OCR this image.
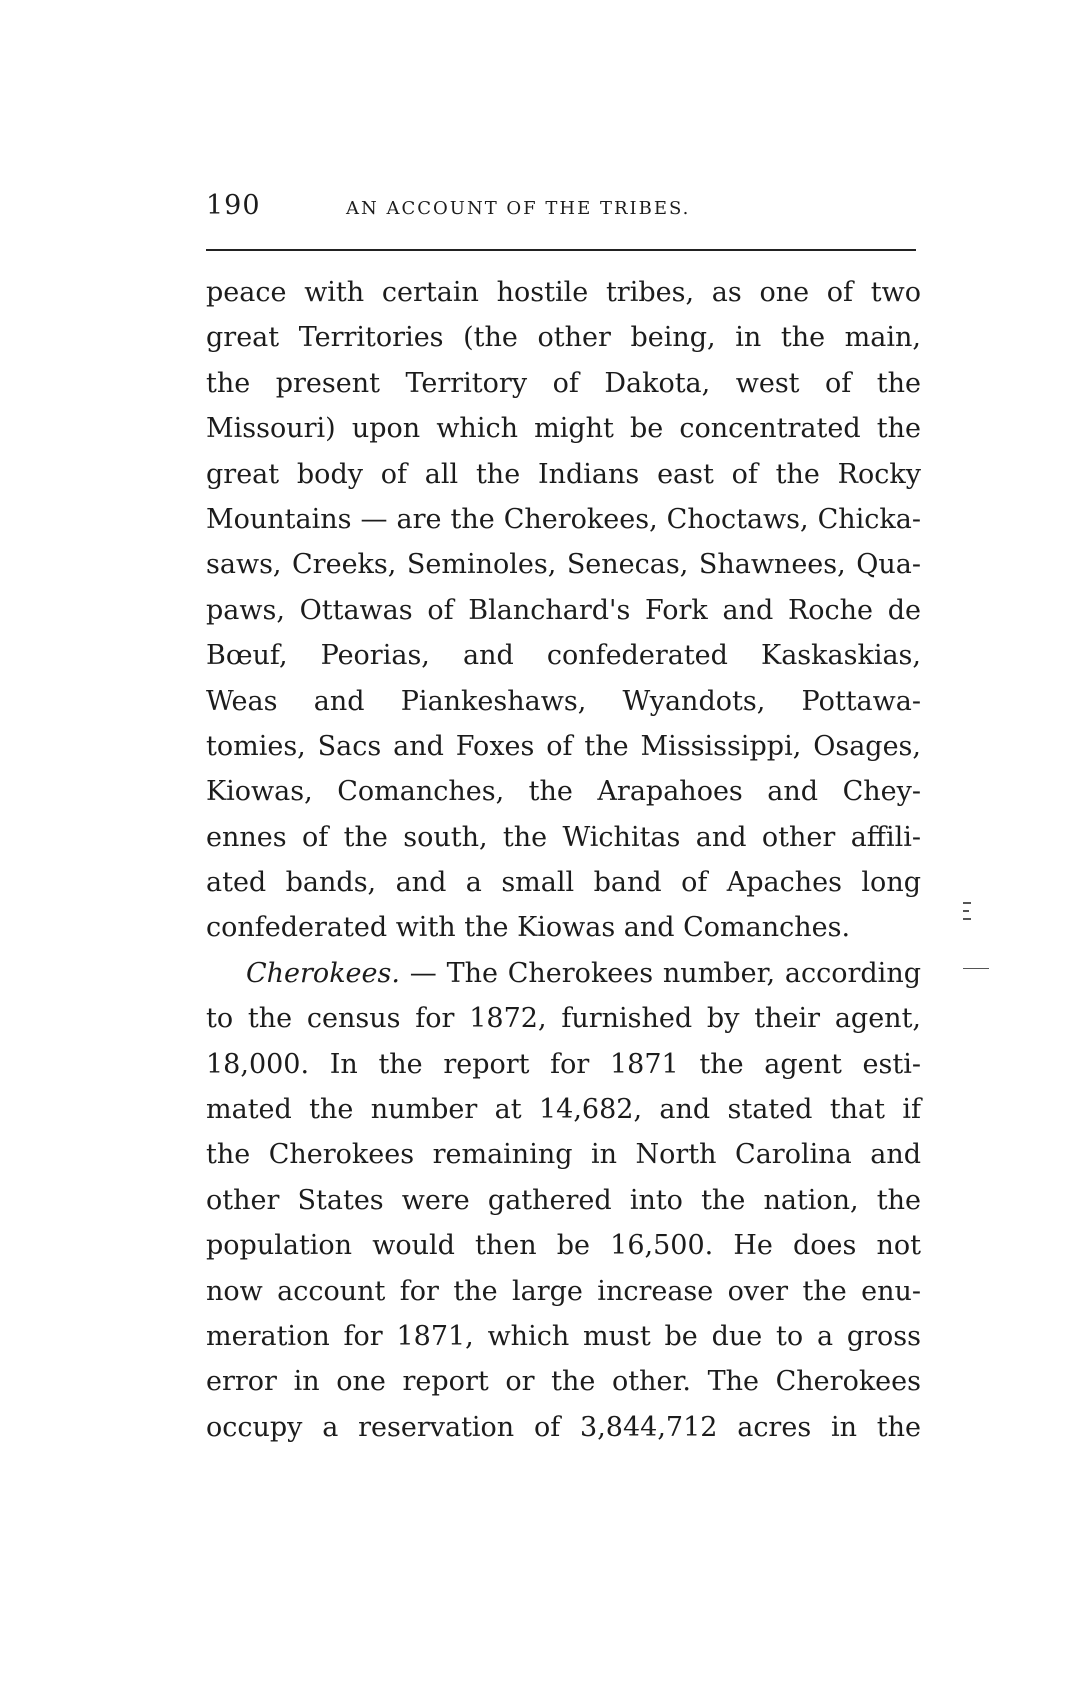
190	AN ACCOUNT OF THE TRIBES.
peace with certain hostile tribes, as one of two
great Territories (the other being, in the main,
the present Territory of Dakota, west of the
Missouri) upon which might be concentrated the
great body of all the Indians east of the Rocky
Mountains — are the Cherokees, Choctaws, Chicka-
saws, Creeks, Seminoles, Senecas, Shawnees, Qua-
paws, Ottawas of Blanchard's Fork and Roche de
Bœuf, Peorias, and confederated Kaskaskias,
Weas and Piankeshaws, Wyandots, Pottawa-
tomies, Sacs and Foxes of the Mississippi, Osages,
Kiowas, Comanches, the Arapahoes and Chey-
ennes of the south, the Wichitas and other affili-
ated bands, and a small band of Apaches long
confederated with the Kiowas and Comanches.
Cherokees. — The Cherokees number, according
to the census for 1872, furnished by their agent,
18,000. In the report for 1871 the agent esti-
mated the number at 14,682, and stated that if
the Cherokees remaining in North Carolina and
other States were gathered into the nation, the
population would then be 16,500. He does not
now account for the large increase over the enu-
meration for 1871, which must be due to a gross
error in one report or the other. The Cherokees
occupy a reservation of 3,844,712 acres in the
